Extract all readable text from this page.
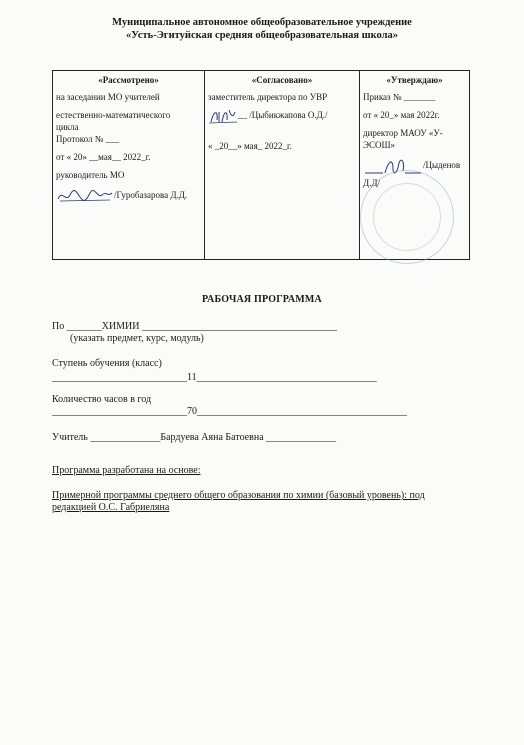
Муниципальное автономное общеобразовательное учреждение
«Усть-Эгитуйская средняя общеобразовательная школа»
«Рассмотрено»
на заседании МО учителей
естественно-математического
цикла
Протокол № ___
от « 20» __мая__ 2022_г.
руководитель МО
/Гуробазарова Д.Д.

«Согласовано»
заместитель директора по УВР
__ /Цыбикжапова О.Д./
« _20__» мая_ 2022_г.

«Утверждаю»
Приказ № _______
от « 20_» мая 2022г.
директор МАОУ «У-ЭСОШ»
/Цыденов Д.Д/
РАБОЧАЯ ПРОГРАММА
По _______ХИМИИ _______________________________________
(указать предмет, курс, модуль)
Ступень обучения (класс)
___________________________11____________________________________
Количество часов в год
___________________________70__________________________________________
Учитель ______________Бардуева Аяна Батоевна ______________
Программа разработана на основе:
Примерной программы среднего общего образования по химии (базовый уровень): под
редакцией О.С. Габриеляна
